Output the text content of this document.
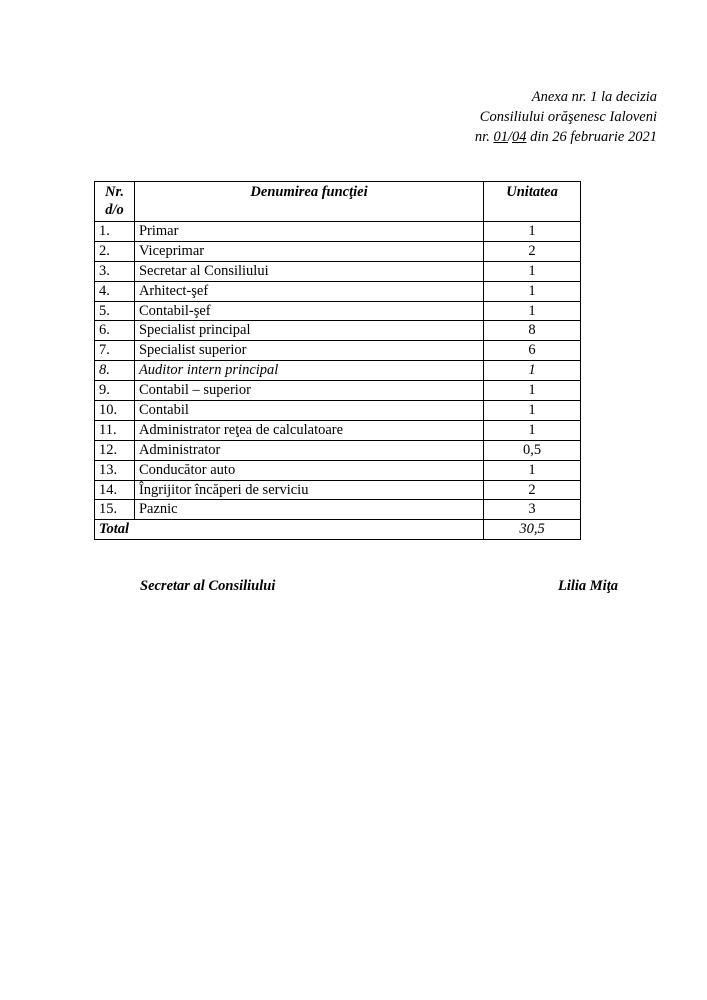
Anexa nr. 1 la decizia
Consiliului orăşenesc Ialoveni
nr. 01/04 din 26 februarie 2021
Nr. d/o	Denumirea funcţiei	Unitatea
1.	Primar	1
2.	Viceprimar	2
3.	Secretar al Consiliului	1
4.	Arhitect-şef	1
5.	Contabil-şef	1
6.	Specialist principal	8
7.	Specialist superior	6
8.	Auditor intern principal	1
9.	Contabil – superior	1
10.	Contabil	1
11.	Administrator reţea de calculatoare	1
12.	Administrator	0,5
13.	Conducător auto	1
14.	Îngrijitor încăperi de serviciu	2
15.	Paznic	3
Total		30,5
Secretar al Consiliului	Lilia Miţa
